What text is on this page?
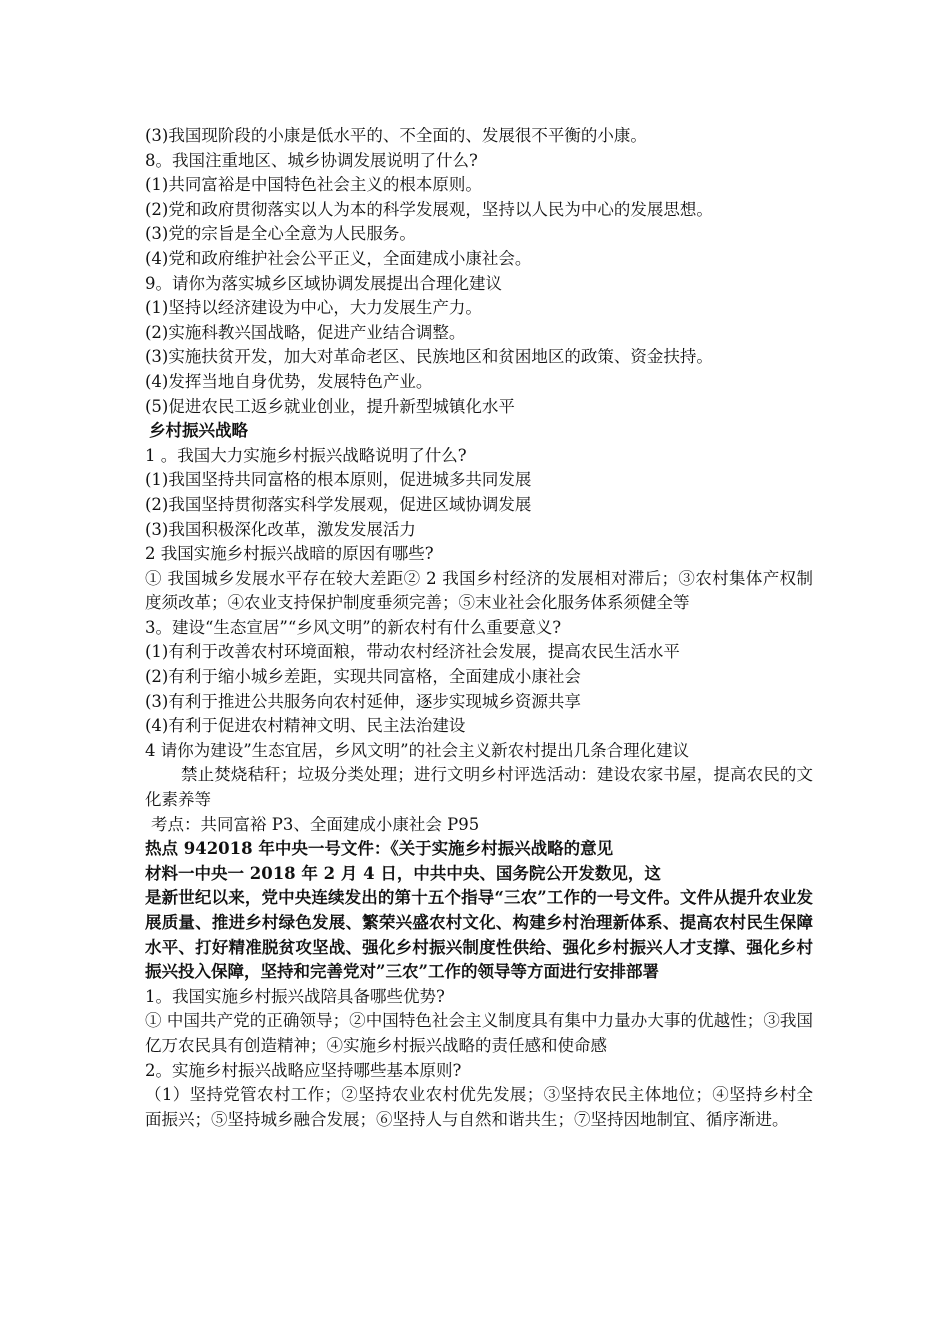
(3)我国现阶段的小康是低水平的、不全面的、发展很不平衡的小康。
8。我国注重地区、城乡协调发展说明了什么?
(1)共同富裕是中国特色社会主义的根本原则。
(2)党和政府贯彻落实以人为本的科学发展观，坚持以人民为中心的发展思想。
(3)党的宗旨是全心全意为人民服务。
(4)党和政府维护社会公平正义，全面建成小康社会。
9。请你为落实城乡区域协调发展提出合理化建议
(1)坚持以经济建设为中心，大力发展生产力。
(2)实施科教兴国战略，促进产业结合调整。
(3)实施扶贫开发，加大对革命老区、民族地区和贫困地区的政策、资金扶持。
(4)发挥当地自身优势，发展特色产业。
(5)促进农民工返乡就业创业，提升新型城镇化水平
乡村振兴战略
1 。我国大力实施乡村振兴战略说明了什么?
(1)我国坚持共同富格的根本原则，促进城多共同发展
(2)我国坚持贯彻落实科学发展观，促进区域协调发展
(3)我国积极深化改革，激发发展活力
2 我国实施乡村振兴战暗的原因有哪些?
① 我国城乡发展水平存在较大差距② 2 我国乡村经济的发展相对滞后；③农村集体产权制度须改革；④农业支持保护制度垂须完善；⑤末业社会化服务体系须健全等
3。建设“生态宣居”“乡风文明”的新农村有什么重要意义?
(1)有利于改善农村环境面粮，带动农村经济社会发展，提高农民生活水平
(2)有利于缩小城乡差距，实现共同富格，全面建成小康社会
(3)有利于推进公共服务向农村延伸，逐步实现城乡资源共享
(4)有利于促进农村精神文明、民主法治建设
4 请你为建设”生态宜居，乡风文明”的社会主义新农村提出几条合理化建议
禁止焚烧秸秆；垃圾分类处理；进行文明乡村评选活动：建设农家书屋，提高农民的文化素养等
考点：共同富裕 P3、全面建成小康社会 P95
热点 942018 年中央一号文件：《关于实施乡村振兴战略的意见
材料一中央一 2018 年 2 月 4 日，中共中央、国务院公开发数见，这
是新世纪以来，党中央连续发出的第十五个指导“三农”工作的一号文件。文件从提升农业发展质量、推进乡村绿色发展、繁荣兴盛农村文化、构建乡村治理新体系、提高农村民生保障水平、打好精准脱贫攻坚战、强化乡村振兴制度性供给、强化乡村振兴人才支撑、强化乡村振兴投入保障，坚持和完善党对”三农”工作的领导等方面进行安排部署
1。我国实施乡村振兴战陪具备哪些优势?
① 中国共产党的正确领导；②中国特色社会主义制度具有集中力量办大事的优越性；③我国亿万农民具有创造精神；④实施乡村振兴战略的责任感和使命感
2。实施乡村振兴战略应坚持哪些基本原则?
（1）坚持党管农村工作；②坚持农业农村优先发展；③坚持农民主体地位；④坚持乡村全面振兴；⑤坚持城乡融合发展；⑥坚持人与自然和谐共生；⑦坚持因地制宜、循序渐进。
